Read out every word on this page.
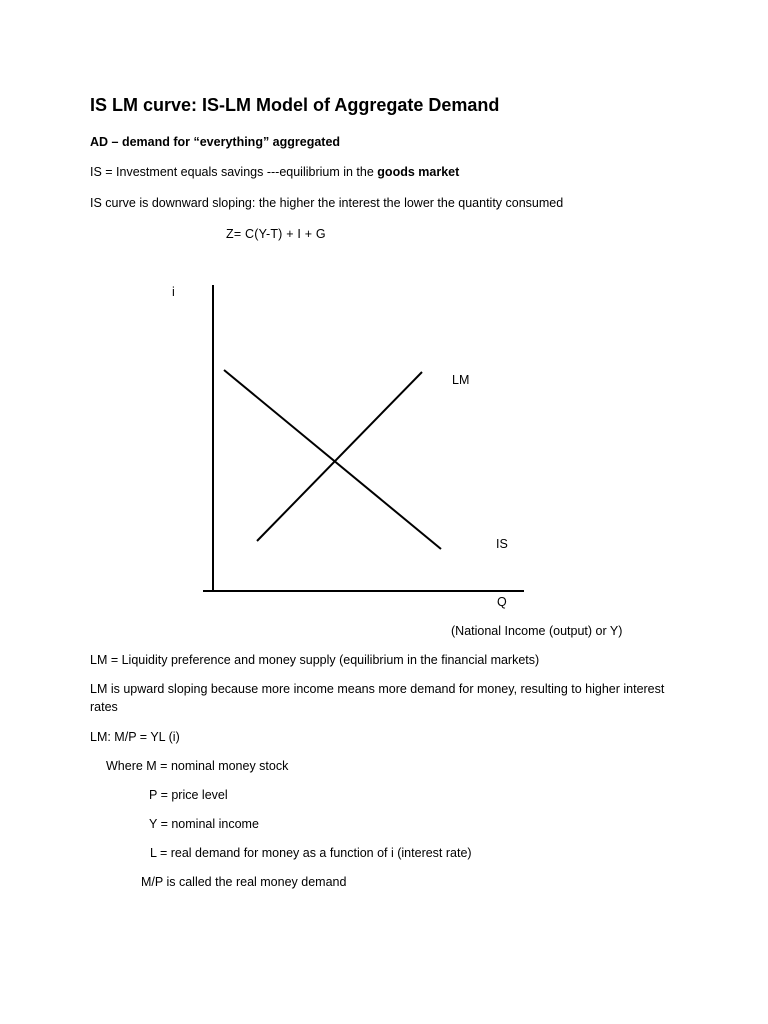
IS LM curve: IS-LM Model of Aggregate Demand
AD – demand for “everything” aggregated
IS = Investment equals savings ---equilibrium in the goods market
IS curve is downward sloping: the higher the interest the lower the quantity consumed
Z= C(Y-T) + I + G
i
LM
IS
Q
(National Income (output) or Y)
LM = Liquidity preference and money supply (equilibrium in the financial markets)
LM is upward sloping because more income means more demand for money, resulting to higher interest
rates
LM: M/P = YL (i)
Where M = nominal money stock
P = price level
Y = nominal income
L = real demand for money as a function of i (interest rate)
M/P is called the real money demand
